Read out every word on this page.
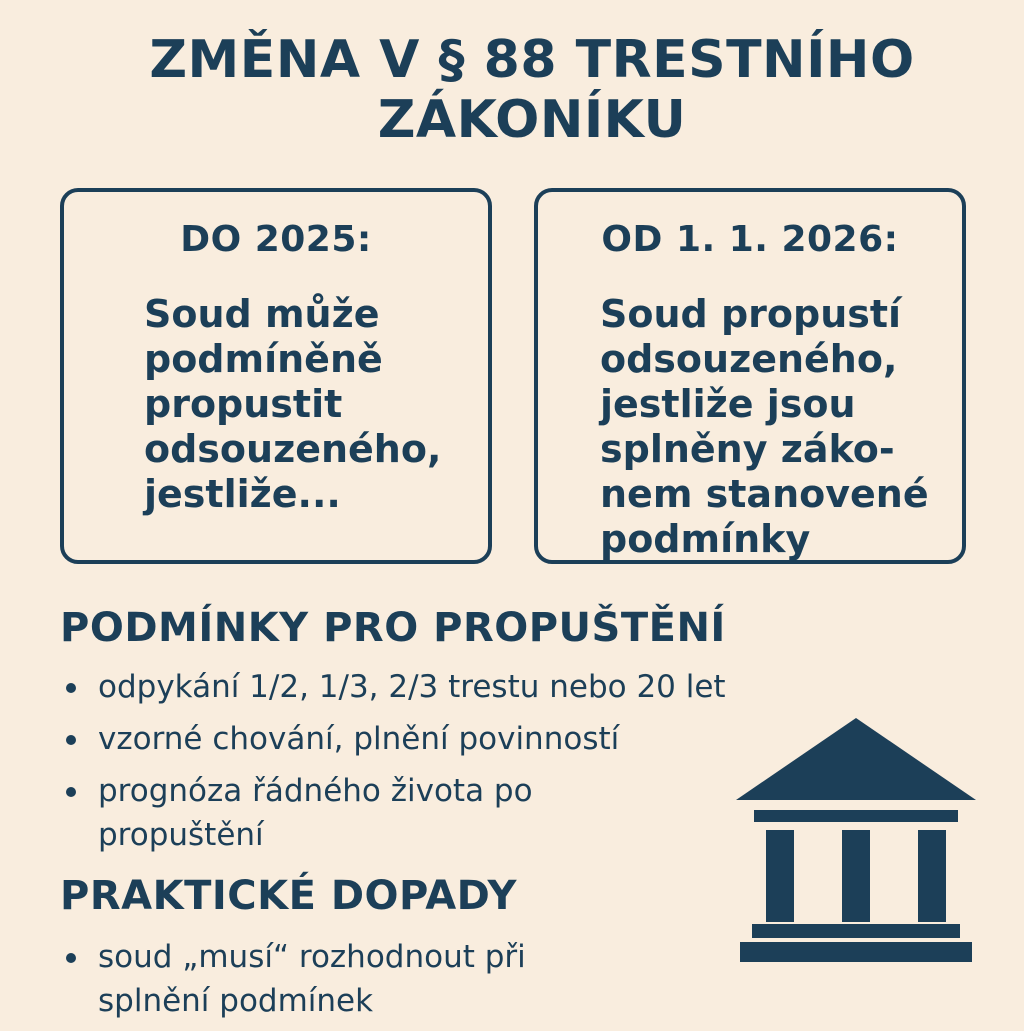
ZMĚNA V § 88 TRESTNÍHO
ZÁKONÍKU
DO 2025:
Soud může
podmíněně
propustit
odsouzeného,
jestliže...
OD 1. 1. 2026:
Soud propustí
odsouzeného,
jestliže jsou
splněny záko-
nem stanovené
podmínky
PODMÍNKY PRO PROPUŠTĚNÍ
odpykání 1/2, 1/3, 2/3 trestu nebo 20 let
vzorné chování, plnění povinností
prognóza řádného života po
propuštění
PRAKTICKÉ DOPADY
soud „musí“ rozhodnout při
splnění podmínek
